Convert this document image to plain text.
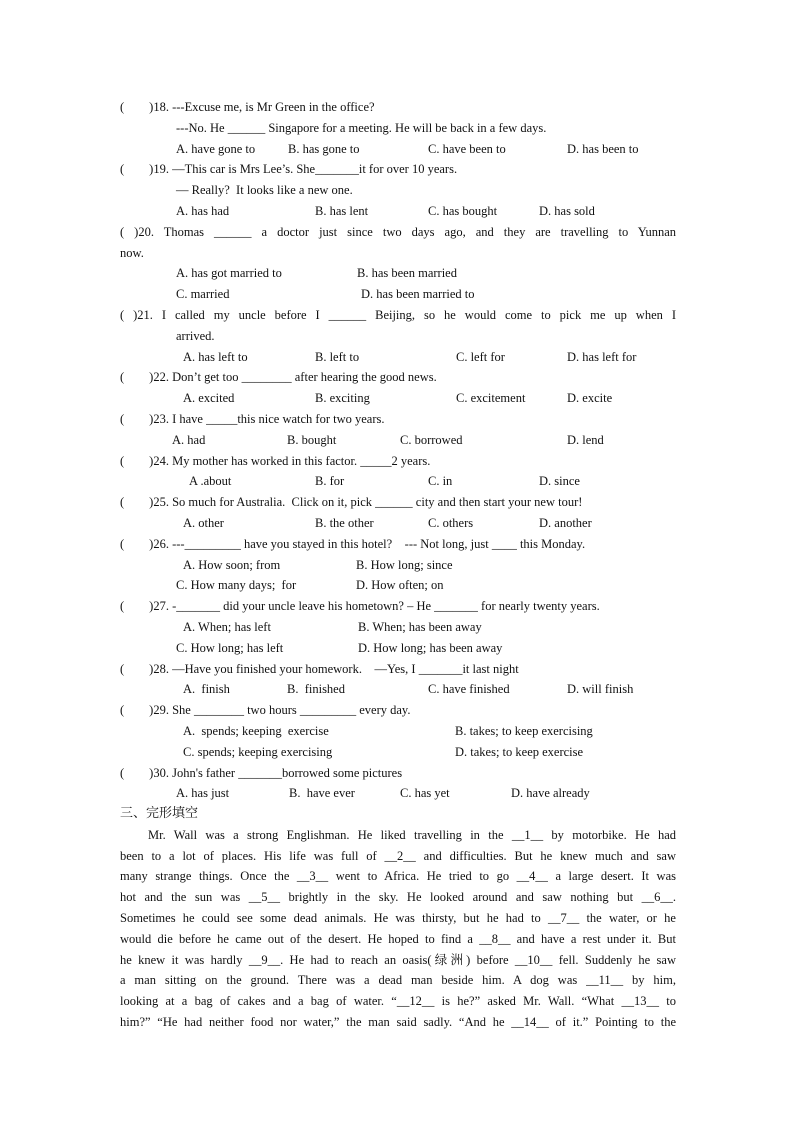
(        )18. ---Excuse me, is Mr Green in the office?
---No. He ______ Singapore for a meeting. He will be back in a few days.
A. have gone to	B. has gone to	C. have been to	D. has been to
(        )19. —This car is Mrs Lee’s. She_______it for over 10 years.
— Really?  It looks like a new one.
A. has had	B. has lent	C. has bought	D. has sold
( )20. Thomas ______ a doctor just since two days ago, and they are travelling to Yunnan
now.
A. has got married to	B. has been married
C. married	D. has been married to
( )21. I called my uncle before I ______ Beijing, so he would come to pick me up when I
arrived.
A. has left to	B. left to	C. left for	D. has left for
(        )22. Don’t get too ________ after hearing the good news.
A. excited	B. exciting	C. excitement	D. excite
(        )23. I have _____this nice watch for two years.
A. had	B. bought	C. borrowed	D. lend
(        )24. My mother has worked in this factor. _____2 years.
A .about	B. for	C. in	D. since
(        )25. So much for Australia.  Click on it, pick ______ city and then start your new tour!
A. other	B. the other	C. others	D. another
(        )26. ---_________ have you stayed in this hotel?    --- Not long, just ____ this Monday.
A. How soon; from	B. How long; since
C. How many days;  for	D. How often; on
(        )27. -_______ did your uncle leave his hometown? – He _______ for nearly twenty years.
A. When; has left	B. When; has been away
C. How long; has left	D. How long; has been away
(        )28. —Have you finished your homework.    —Yes, I _______it last night
A.  finish	B.  finished	C. have finished	D. will finish
(        )29. She ________ two hours _________ every day.
A.  spends; keeping  exercise	B. takes; to keep exercising
C. spends; keeping exercising	D. takes; to keep exercise
(        )30. John's father _______borrowed some pictures
A. has just	B.  have ever	C. has yet	D. have already
三、完形填空
Mr. Wall was a strong Englishman. He liked travelling in the __1__ by motorbike. He had
been to a lot of places. His life was full of __2__ and difficulties. But he knew much and saw
many strange things. Once the __3__ went to Africa. He tried to go __4__ a large desert. It was
hot and the sun was __5__ brightly in the sky. He looked around and saw nothing but __6__.
Sometimes he could see some dead animals. He was thirsty, but he had to __7__ the water, or he
would die before he came out of the desert. He hoped to find a __8__ and have a rest under it. But
he knew it was hardly __9__. He had to reach an oasis(绿洲) before __10__ fell. Suddenly he saw
a man sitting on the ground. There was a dead man beside him. A dog was __11__ by him,
looking at a bag of cakes and a bag of water. “__12__ is he?” asked Mr. Wall. “What __13__ to
him?” “He had neither food nor water,” the man said sadly. “And he __14__ of it.” Pointing to the
